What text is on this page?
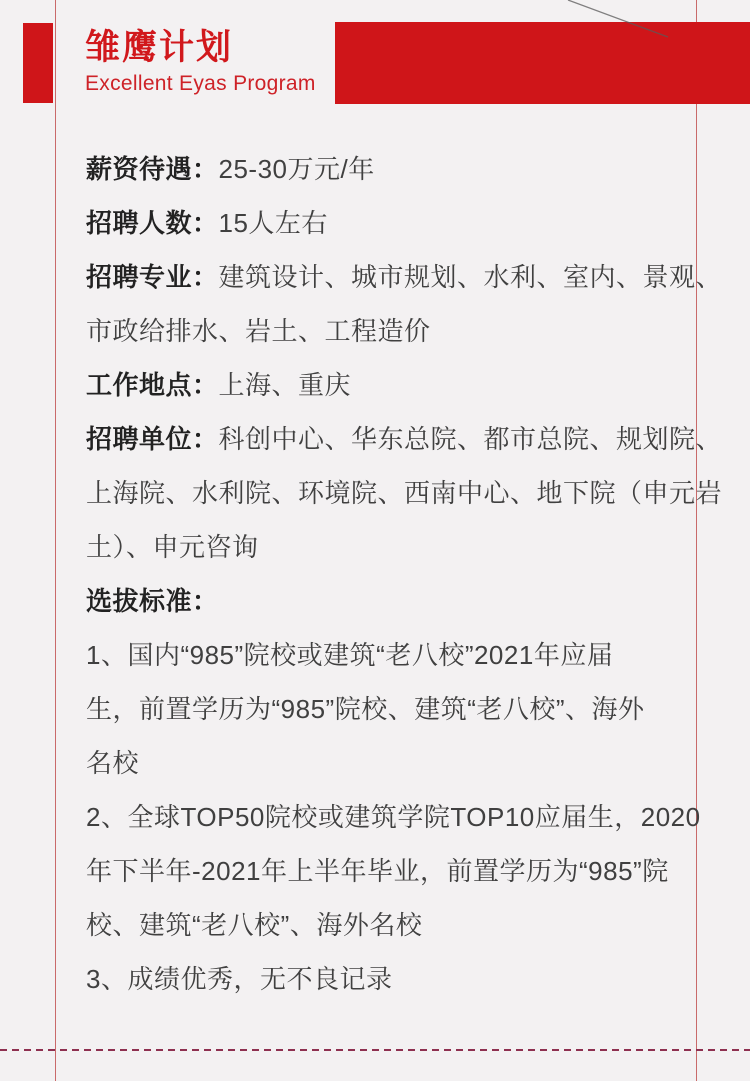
雏鹰计划
Excellent Eyas Program

薪资待遇：25-30万元/年

招聘人数：15人左右

招聘专业：建筑设计、城市规划、水利、室内、景观、

市政给排水、岩土、工程造价

工作地点：上海、重庆

招聘单位：科创中心、华东总院、都市总院、规划院、

上海院、水利院、环境院、西南中心、地下院（申元岩

土）、申元咨询

选拔标准：

1、国内“985”院校或建筑“老八校”2021年应届

生，前置学历为“985”院校、建筑“老八校”、海外

名校

2、全球TOP50院校或建筑学院TOP10应届生，2020

年下半年-2021年上半年毕业，前置学历为“985”院

校、建筑“老八校”、海外名校

3、成绩优秀，无不良记录
